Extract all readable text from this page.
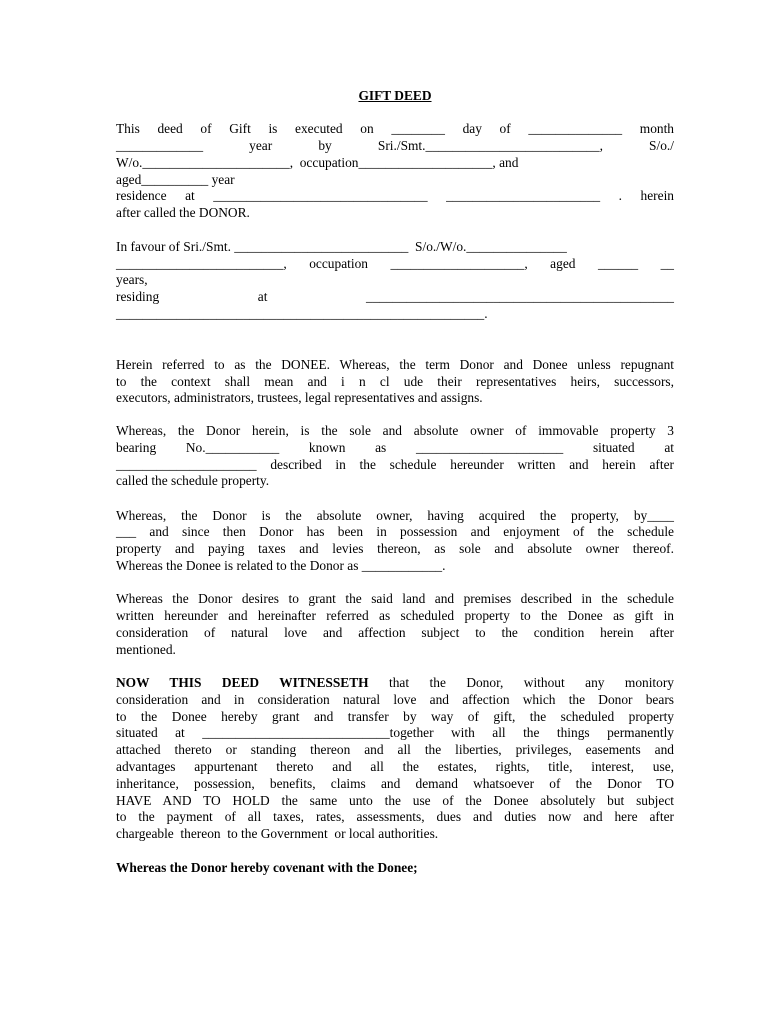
GIFT DEED
This deed of Gift is executed on ________ day of ______________ month
_____________ year by Sri./Smt.__________________________, S/o./
W/o.______________________,  occupation____________________, and
aged__________ year
residence at ________________________________ _______________________ . herein
after called the DONOR.
In favour of Sri./Smt. __________________________  S/o./W/o._______________
_________________________, occupation ____________________, aged ______ __
years,
residing at ______________________________________________
_______________________________________________________.
Herein referred to as the DONEE. Whereas, the term Donor and Donee unless repugnant
to the context shall mean and i n cl ude their representatives heirs, successors,
executors, administrators, trustees, legal representatives and assigns.
Whereas, the Donor herein, is the sole and absolute owner of immovable property 3
bearing No.___________ known as ______________________ situated at
_____________________ described in the schedule hereunder written and herein after
called the schedule property.
Whereas, the Donor is the absolute owner, having acquired the property, by____
___ and since then Donor has been in possession and enjoyment of the schedule
property and paying taxes and levies thereon, as sole and absolute owner thereof.
Whereas the Donee is related to the Donor as ____________.
Whereas the Donor desires to grant the said land and premises described in the schedule
written hereunder and hereinafter referred as scheduled property to the Donee as gift in
consideration of natural love and affection subject to the condition herein after
mentioned.
NOW THIS DEED WITNESSETH that the Donor, without any monitory
consideration and in consideration natural love and affection which the Donor bears
to the Donee hereby grant and transfer by way of gift, the scheduled property
situated at ____________________________together with all the things permanently
attached thereto or standing thereon and all the liberties, privileges, easements and
advantages appurtenant thereto and all the estates, rights, title, interest, use,
inheritance, possession, benefits, claims and demand whatsoever of the Donor TO
HAVE AND TO HOLD the same unto the use of the Donee absolutely but subject
to the payment of all taxes, rates, assessments, dues and duties now and here after
chargeable  thereon  to the Government  or local authorities.
Whereas the Donor hereby covenant with the Donee;
